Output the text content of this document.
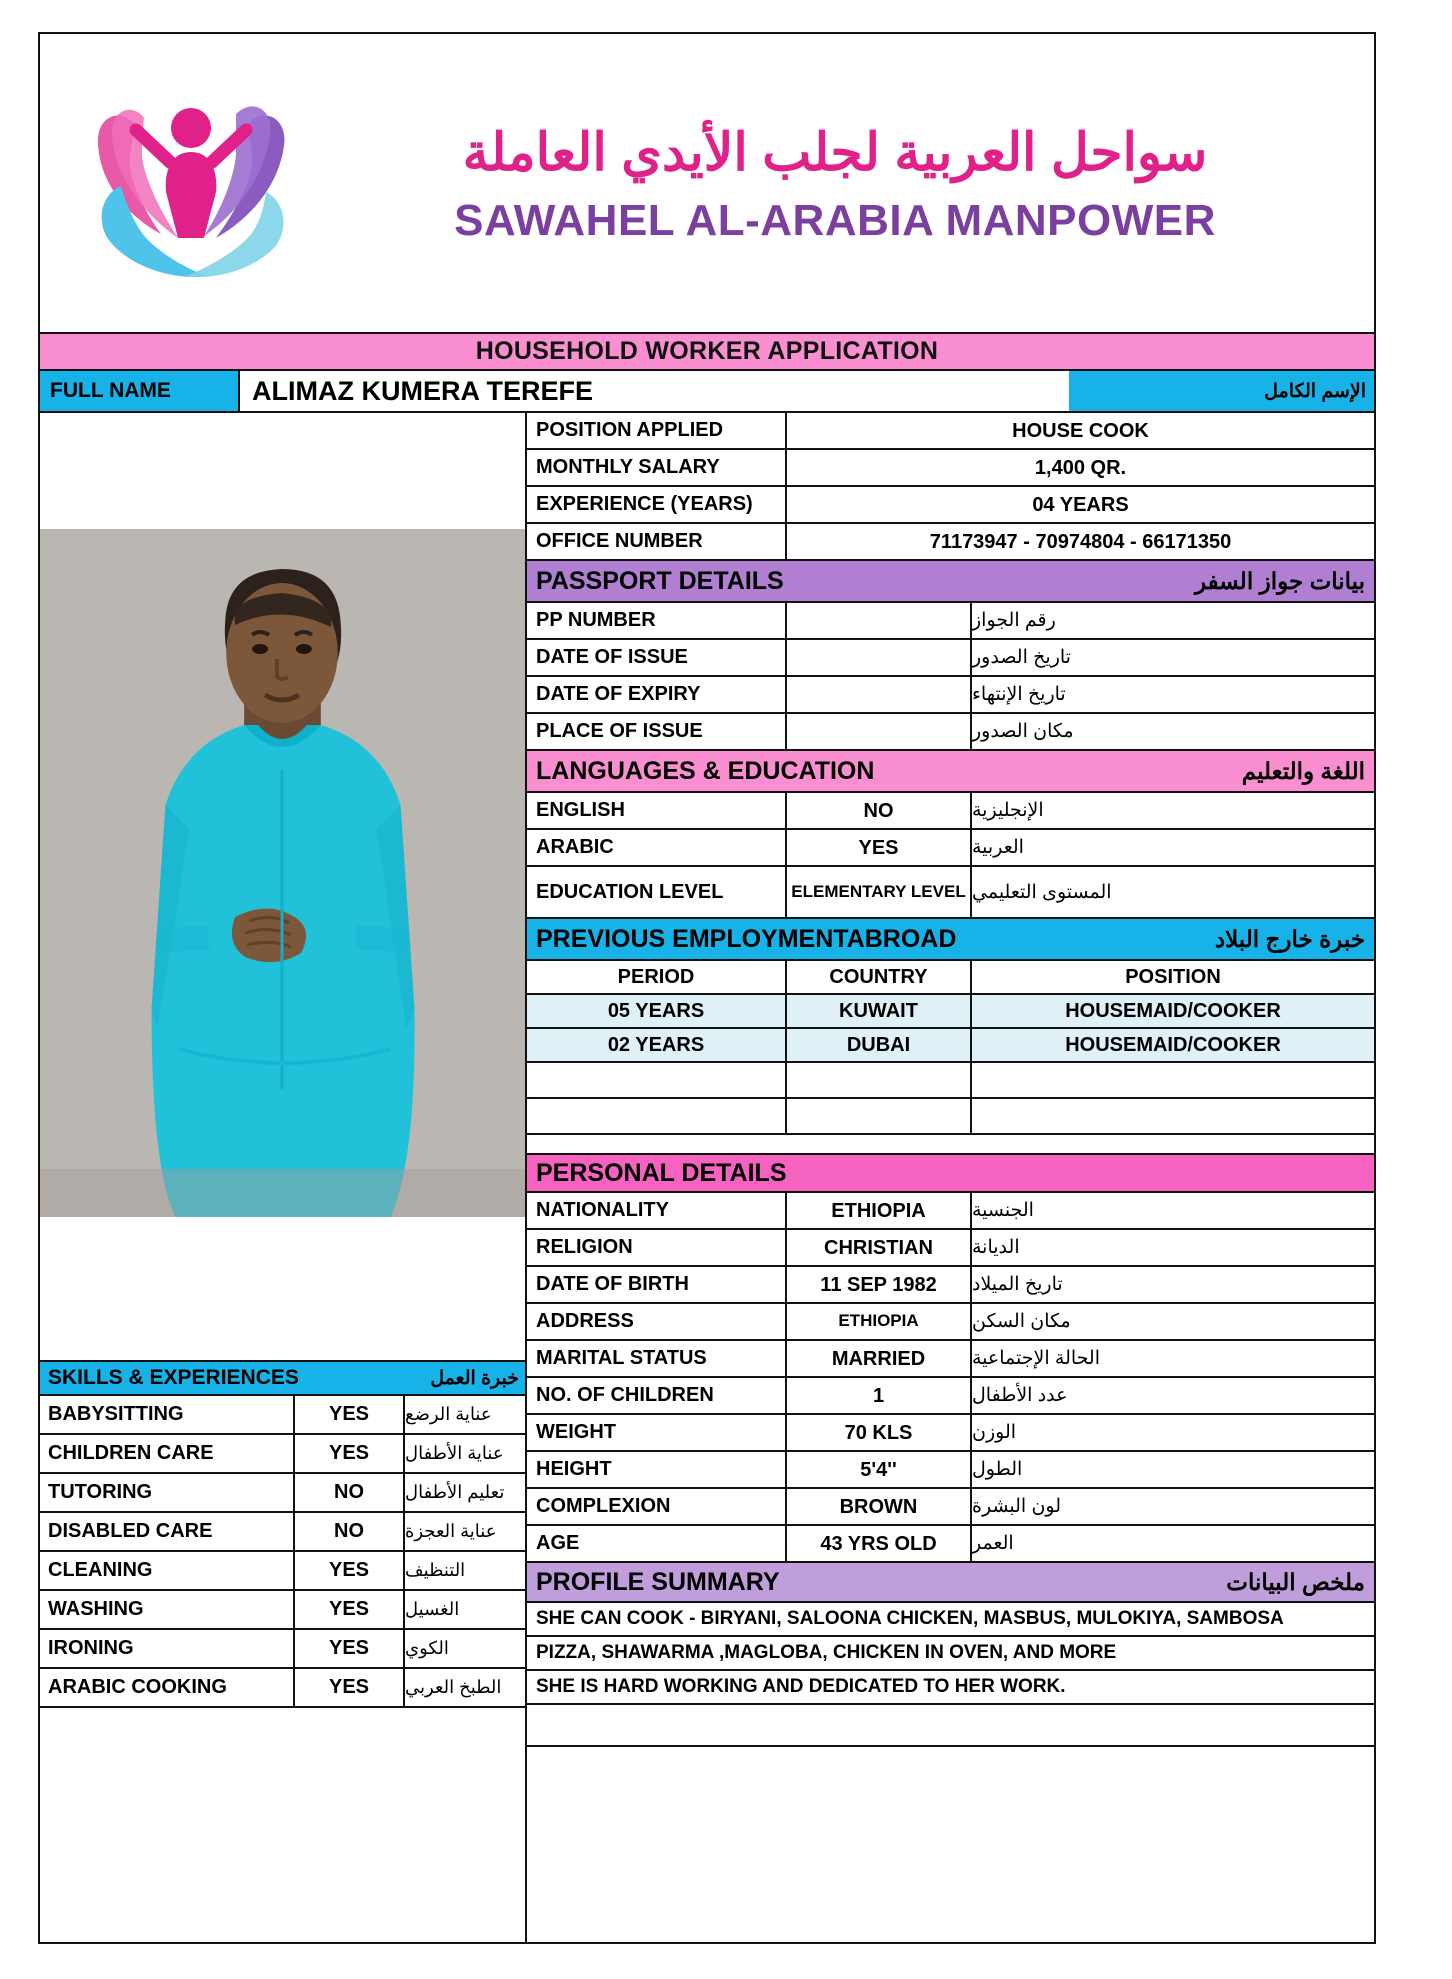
سواحل العربية لجلب الأيدي العاملة
SAWAHEL AL-ARABIA MANPOWER
HOUSEHOLD WORKER APPLICATION
FULL NAME	ALIMAZ KUMERA TEREFE	الإسم الكامل
SKILLS & EXPERIENCES	خبرة العمل
BABYSITTING	YES	عناية الرضع
CHILDREN CARE	YES	عناية الأطفال
TUTORING	NO	تعليم الأطفال
DISABLED CARE	NO	عناية العجزة
CLEANING	YES	التنظيف
WASHING	YES	الغسيل
IRONING	YES	الكوي
ARABIC COOKING	YES	الطبخ العربي
POSITION APPLIED	HOUSE COOK
MONTHLY SALARY	1,400 QR.
EXPERIENCE (YEARS)	04 YEARS
OFFICE NUMBER	71173947 - 70974804 - 66171350
PASSPORT DETAILS	بيانات جواز السفر
PP NUMBER	رقم الجواز
DATE OF ISSUE	تاريخ الصدور
DATE OF EXPIRY	تاريخ الإنتهاء
PLACE OF ISSUE	مكان الصدور
LANGUAGES & EDUCATION	اللغة والتعليم
ENGLISH	NO	الإنجليزية
ARABIC	YES	العربية
EDUCATION LEVEL	ELEMENTARY LEVEL المستوى التعليمي
PREVIOUS EMPLOYMENTABROAD	خبرة خارج البلاد
PERIOD	COUNTRY	POSITION
05 YEARS	KUWAIT	HOUSEMAID/COOKER
02 YEARS	DUBAI	HOUSEMAID/COOKER
PERSONAL DETAILS
NATIONALITY	ETHIOPIA	الجنسية
RELIGION	CHRISTIAN	الديانة
DATE OF BIRTH	11 SEP 1982	تاريخ الميلاد
ADDRESS	ETHIOPIA	مكان السكن
MARITAL STATUS	MARRIED	الحالة الإجتماعية
NO. OF CHILDREN	1	عدد الأطفال
WEIGHT	70 KLS	الوزن
HEIGHT	5'4''	الطول
COMPLEXION	BROWN	لون البشرة
AGE	43 YRS OLD	العمر
PROFILE SUMMARY	ملخص البيانات
SHE CAN COOK - BIRYANI, SALOONA CHICKEN, MASBUS, MULOKIYA, SAMBOSA
PIZZA, SHAWARMA ,MAGLOBA, CHICKEN IN OVEN, AND MORE
SHE IS HARD WORKING AND DEDICATED TO HER WORK.
